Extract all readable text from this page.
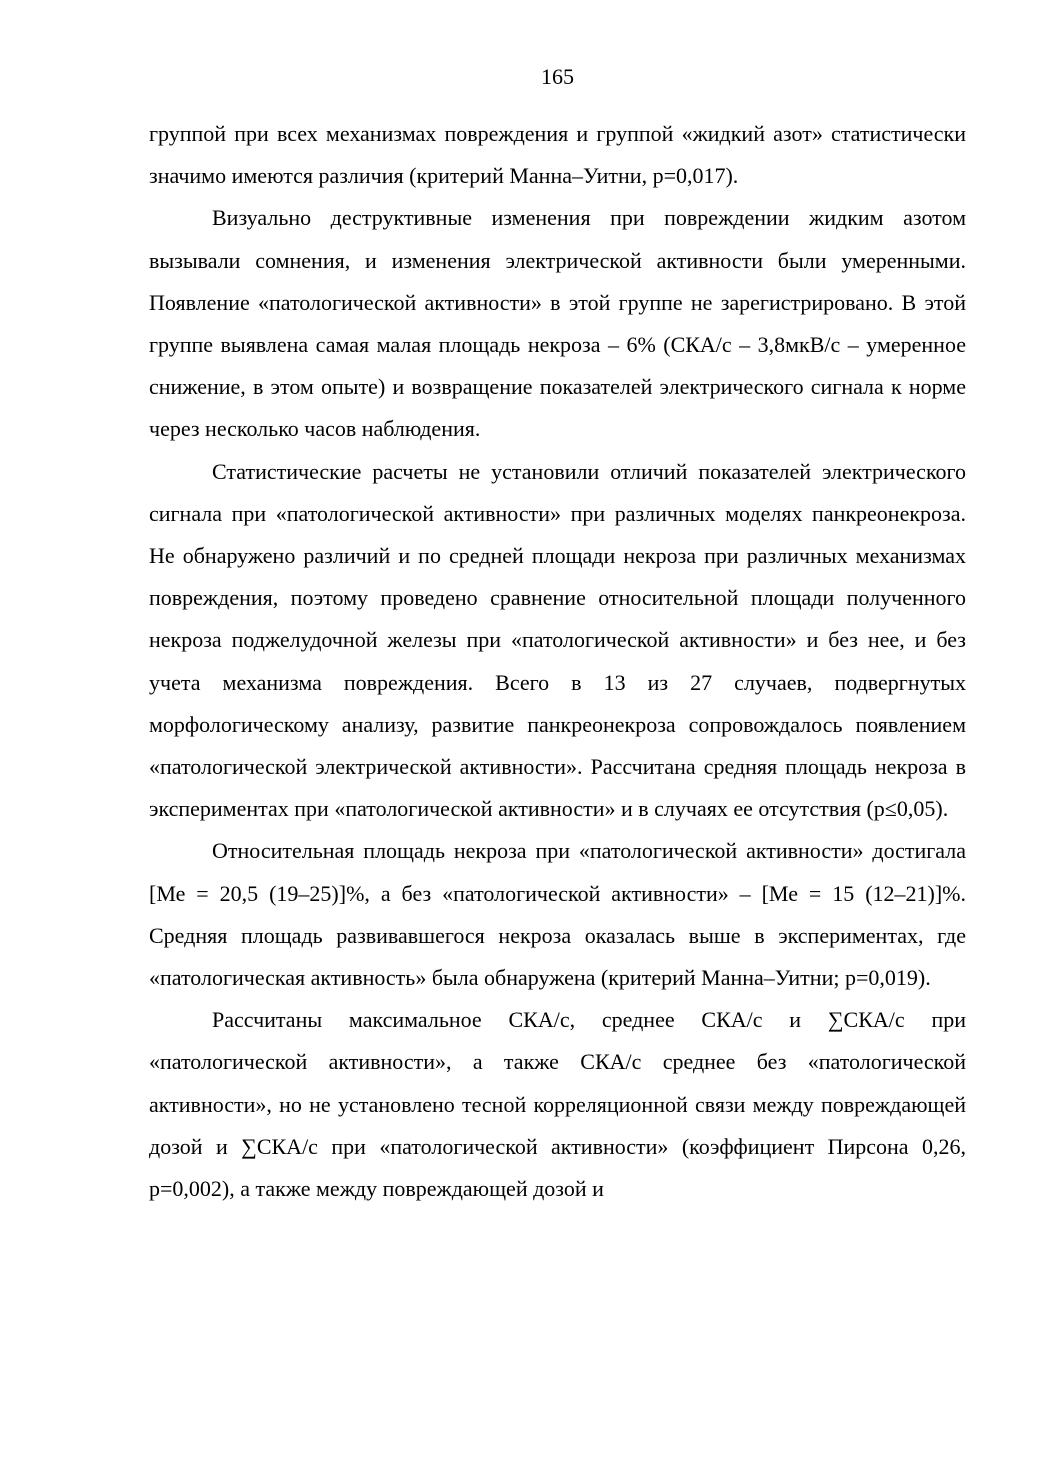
165

группой при всех механизмах повреждения и группой «жидкий азот» статистически значимо имеются различия (критерий Манна–Уитни, р=0,017).

Визуально деструктивные изменения при повреждении жидким азотом вызывали сомнения, и изменения электрической активности были умеренными. Появление «патологической активности» в этой группе не зарегистрировано. В этой группе выявлена самая малая площадь некроза – 6% (СКА/с – 3,8мкВ/с – умеренное снижение, в этом опыте) и возвращение показателей электрического сигнала к норме через несколько часов наблюдения.

Статистические расчеты не установили отличий показателей электрического сигнала при «патологической активности» при различных моделях панкреонекроза. Не обнаружено различий и по средней площади некроза при различных механизмах повреждения, поэтому проведено сравнение относительной площади полученного некроза поджелудочной железы при «патологической активности» и без нее, и без учета механизма повреждения. Всего в 13 из 27 случаев, подвергнутых морфологическому анализу, развитие панкреонекроза сопровождалось появлением «патологической электрической активности». Рассчитана средняя площадь некроза в экспериментах при «патологической активности» и в случаях ее отсутствия (р≤0,05).

Относительная площадь некроза при «патологической активности» достигала [Ме = 20,5 (19–25)]%, а без «патологической активности» – [Ме = 15 (12–21)]%. Средняя площадь развивавшегося некроза оказалась выше в экспериментах, где «патологическая активность» была обнаружена (критерий Манна–Уитни; р=0,019).

Рассчитаны максимальное СКА/с, среднее СКА/с и ∑СКА/с при «патологической активности», а также СКА/с среднее без «патологической активности», но не установлено тесной корреляционной связи между повреждающей дозой и ∑СКА/с при «патологической активности» (коэффициент Пирсона 0,26, р=0,002), а также между повреждающей дозой и
